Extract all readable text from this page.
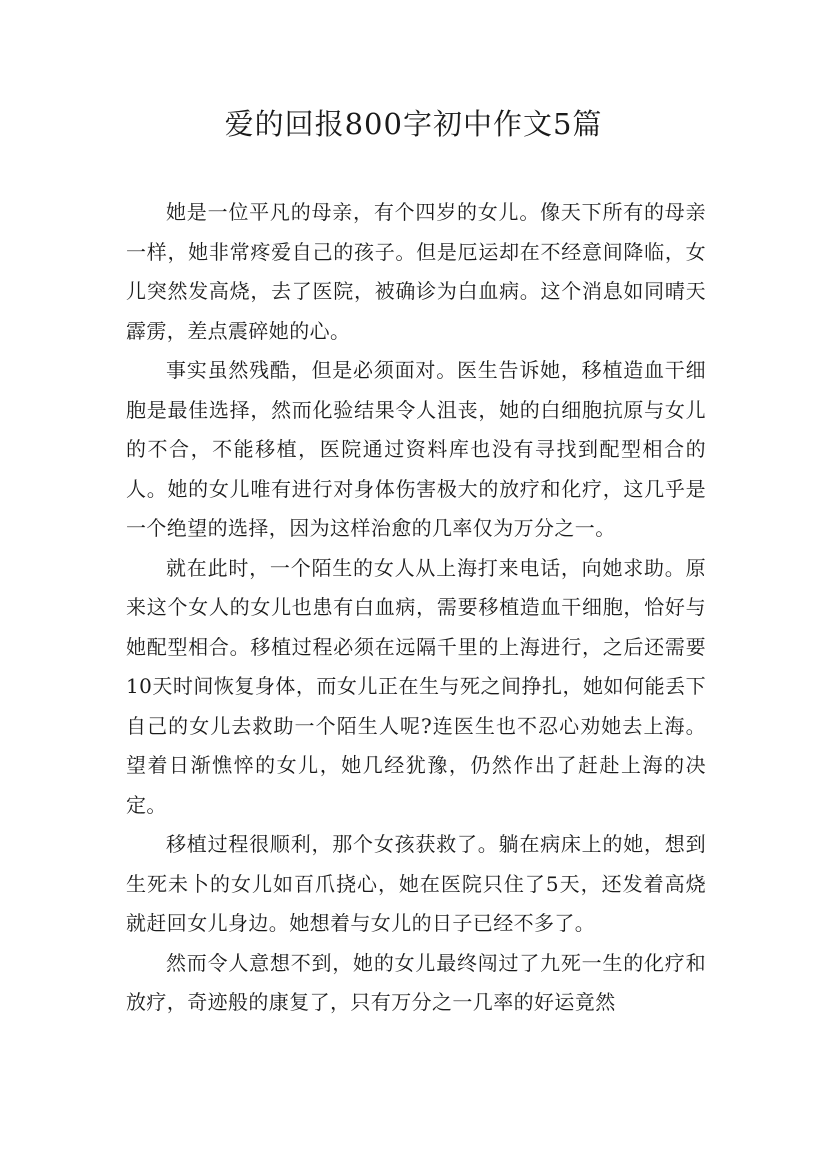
爱的回报800字初中作文5篇

她是一位平凡的母亲，有个四岁的女儿。像天下所有的母亲一样，她非常疼爱自己的孩子。但是厄运却在不经意间降临，女儿突然发高烧，去了医院，被确诊为白血病。这个消息如同晴天霹雳，差点震碎她的心。

事实虽然残酷，但是必须面对。医生告诉她，移植造血干细胞是最佳选择，然而化验结果令人沮丧，她的白细胞抗原与女儿的不合，不能移植，医院通过资料库也没有寻找到配型相合的人。她的女儿唯有进行对身体伤害极大的放疗和化疗，这几乎是一个绝望的选择，因为这样治愈的几率仅为万分之一。

就在此时，一个陌生的女人从上海打来电话，向她求助。原来这个女人的女儿也患有白血病，需要移植造血干细胞，恰好与她配型相合。移植过程必须在远隔千里的上海进行，之后还需要10天时间恢复身体，而女儿正在生与死之间挣扎，她如何能丢下自己的女儿去救助一个陌生人呢?连医生也不忍心劝她去上海。望着日渐憔悴的女儿，她几经犹豫，仍然作出了赶赴上海的决定。

移植过程很顺利，那个女孩获救了。躺在病床上的她，想到生死未卜的女儿如百爪挠心，她在医院只住了5天，还发着高烧就赶回女儿身边。她想着与女儿的日子已经不多了。

然而令人意想不到，她的女儿最终闯过了九死一生的化疗和放疗，奇迹般的康复了，只有万分之一几率的好运竟然
